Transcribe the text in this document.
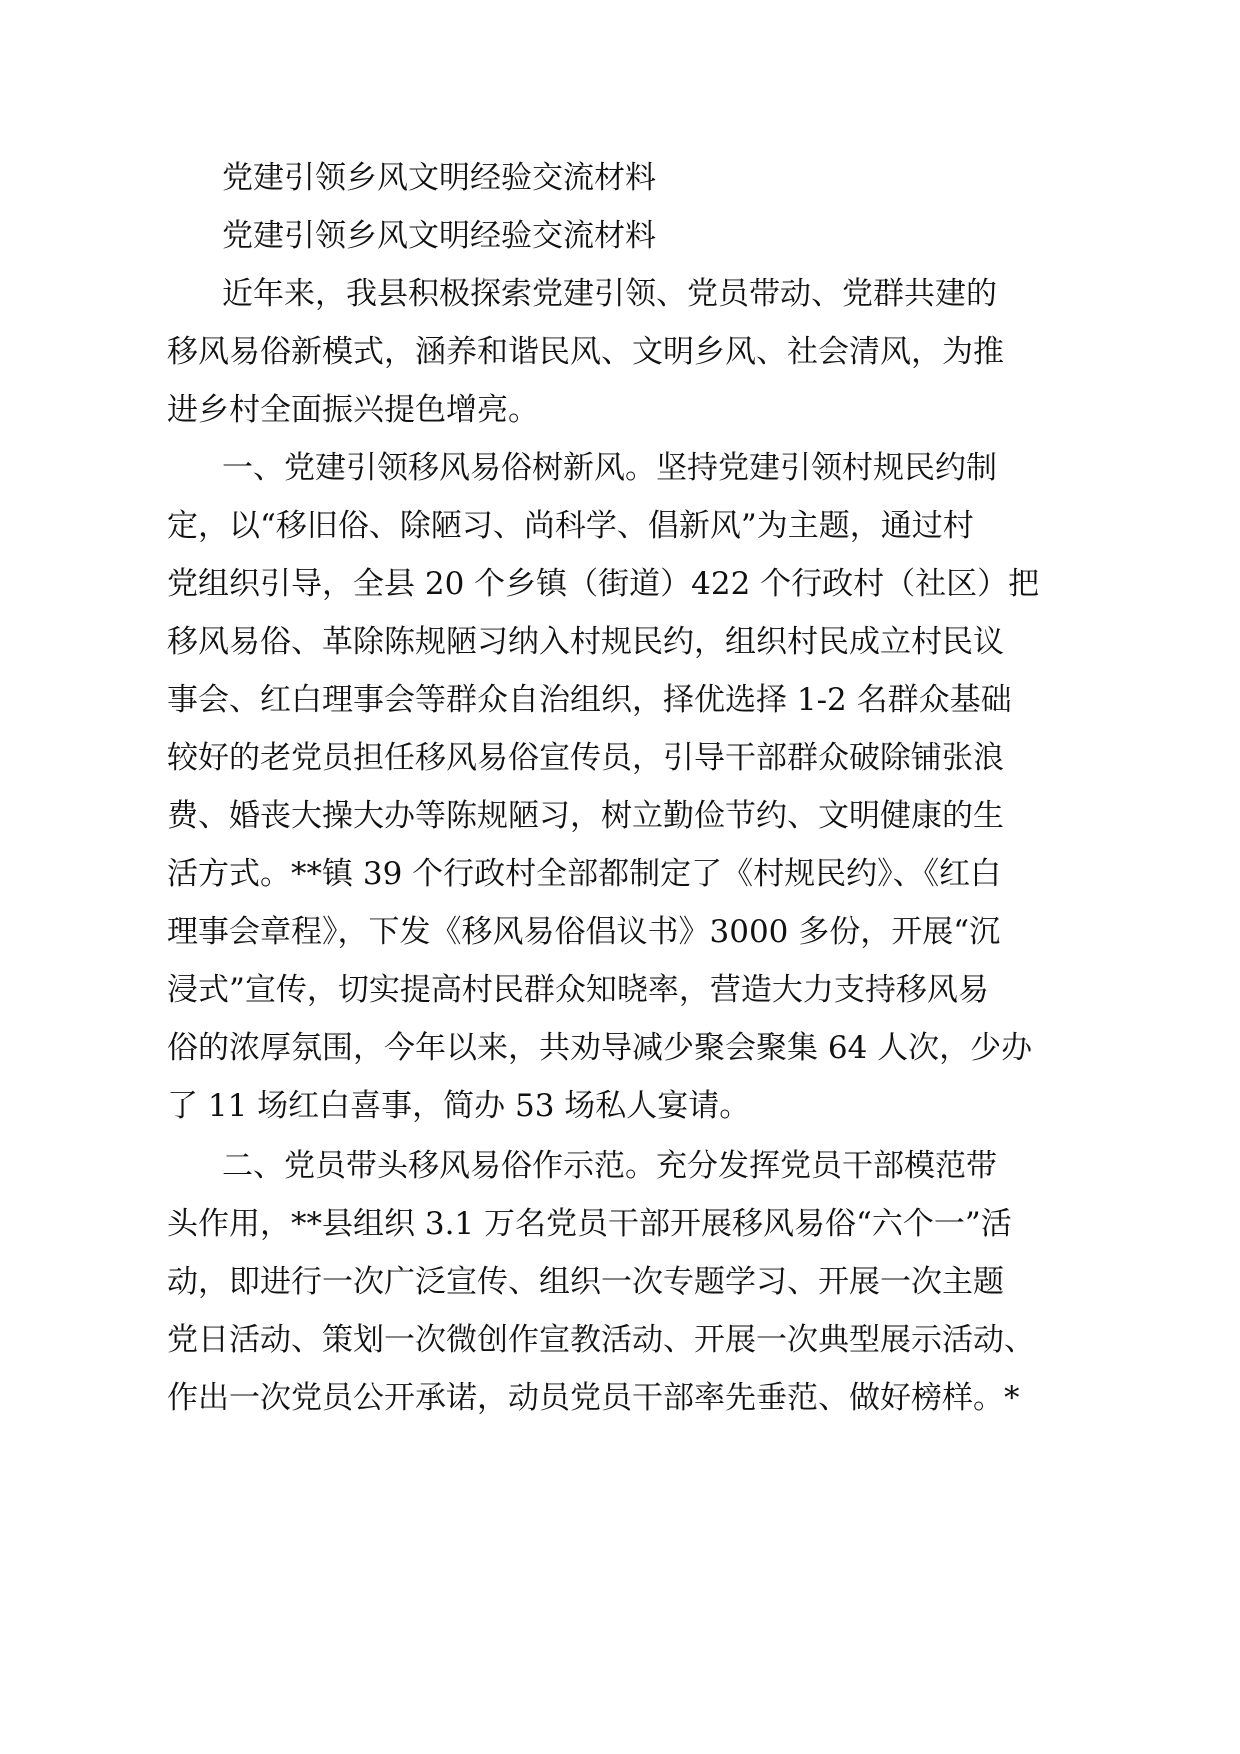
党建引领乡风文明经验交流材料
党建引领乡风文明经验交流材料
近年来，我县积极探索党建引领、党员带动、党群共建的
移风易俗新模式，涵养和谐民风、文明乡风、社会清风，为推
进乡村全面振兴提色增亮。
一、党建引领移风易俗树新风。坚持党建引领村规民约制
定，以“移旧俗、除陋习、尚科学、倡新风”为主题，通过村
党组织引导，全县 20 个乡镇（街道）422 个行政村（社区）把
移风易俗、革除陈规陋习纳入村规民约，组织村民成立村民议
事会、红白理事会等群众自治组织，择优选择 1-2 名群众基础
较好的老党员担任移风易俗宣传员，引导干部群众破除铺张浪
费、婚丧大操大办等陈规陋习，树立勤俭节约、文明健康的生
活方式。**镇 39 个行政村全部都制定了《村规民约》、《红白
理事会章程》，下发《移风易俗倡议书》3000 多份，开展“沉
浸式”宣传，切实提高村民群众知晓率，营造大力支持移风易
俗的浓厚氛围，今年以来，共劝导减少聚会聚集 64 人次，少办
了 11 场红白喜事，简办 53 场私人宴请。
二、党员带头移风易俗作示范。充分发挥党员干部模范带
头作用，**县组织 3.1 万名党员干部开展移风易俗“六个一”活
动，即进行一次广泛宣传、组织一次专题学习、开展一次主题
党日活动、策划一次微创作宣教活动、开展一次典型展示活动、
作出一次党员公开承诺，动员党员干部率先垂范、做好榜样。*
